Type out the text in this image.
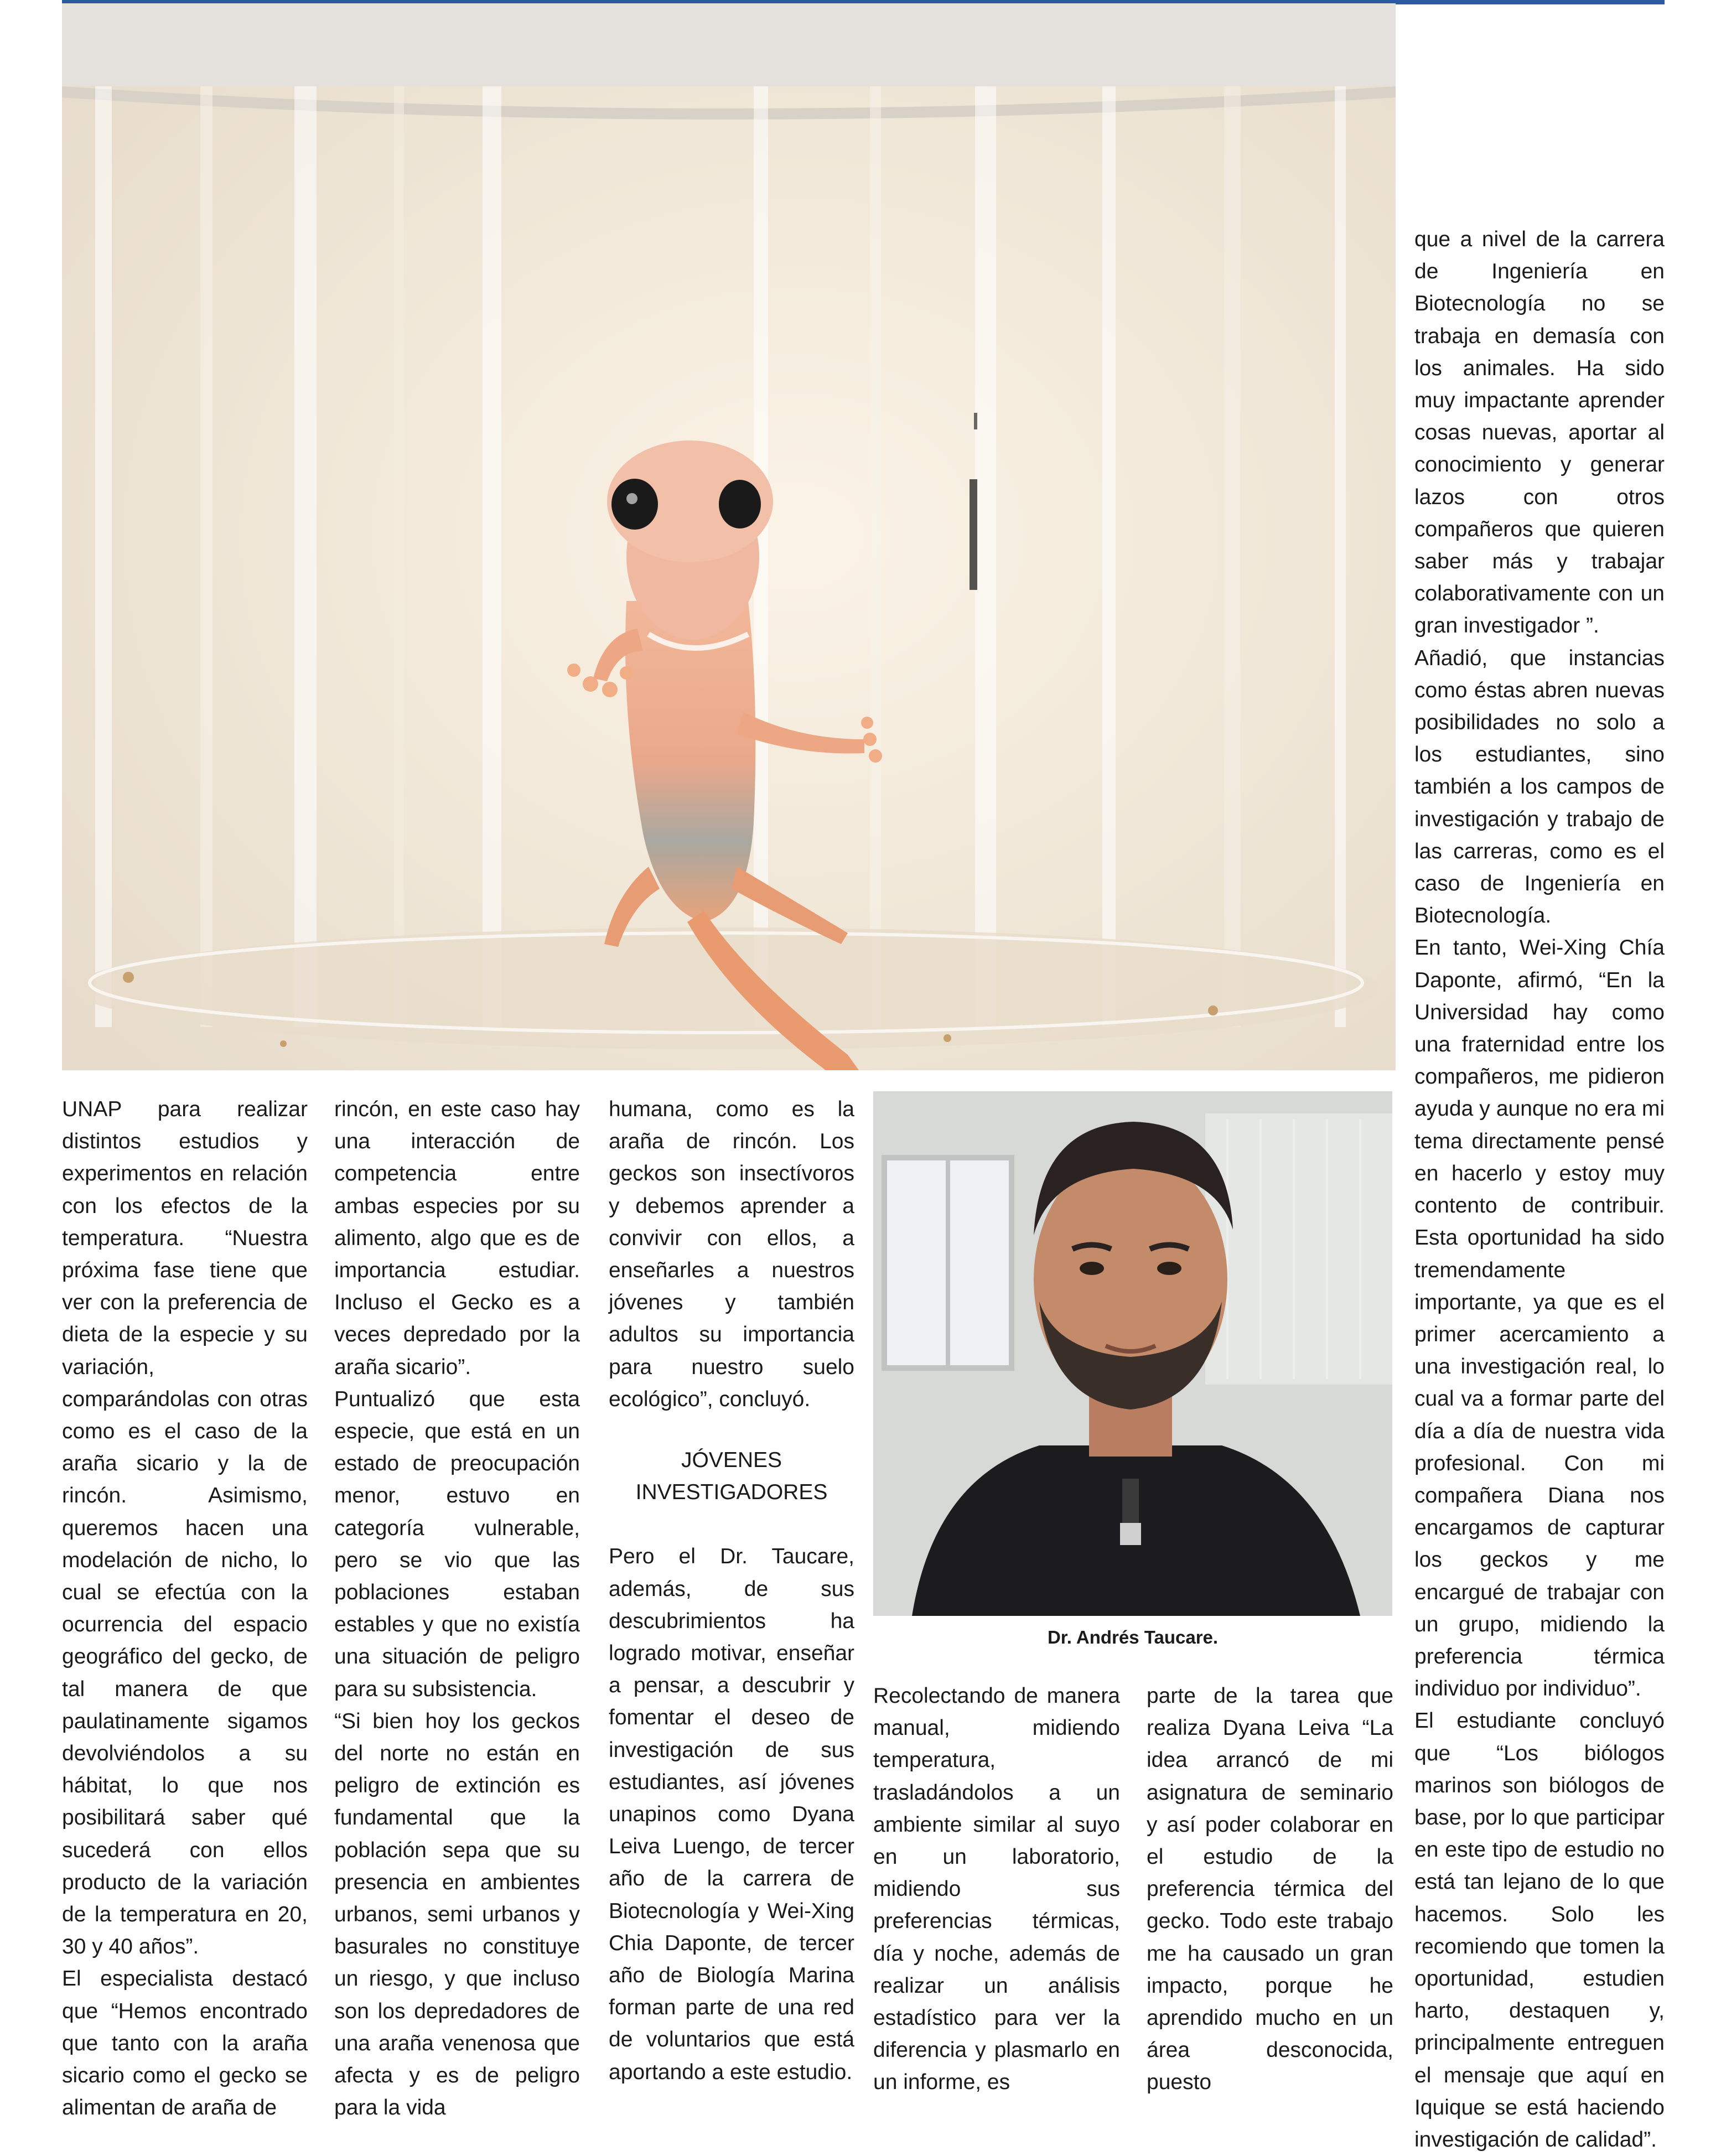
Dr. Andrés Taucare.

UNAP para realizar distintos estudios y experimentos en relación con los efectos de la temperatura. “Nuestra próxima fase tiene que ver con la preferencia de dieta de la especie y su variación, comparándolas con otras como es el caso de la araña sicario y la de rincón. Asimismo, queremos hacen una modelación de nicho, lo cual se efectúa con la ocurrencia del espacio geográfico del gecko, de tal manera de que paulatinamente sigamos devolviéndolos a su hábitat, lo que nos posibilitará saber qué sucederá con ellos producto de la variación de la temperatura en 20, 30 y 40 años”.

El especialista destacó que “Hemos encontrado que tanto con la araña sicario como el gecko se alimentan de araña de

rincón, en este caso hay una interacción de competencia entre ambas especies por su alimento, algo que es de importancia estudiar. Incluso el Gecko es a veces depredado por la araña sicario”.

Puntualizó que esta especie, que está en un estado de preocupación menor, estuvo en categoría vulnerable, pero se vio que las poblaciones estaban estables y que no existía una situación de peligro para su subsistencia.

“Si bien hoy los geckos del norte no están en peligro de extinción es fundamental que la población sepa que su presencia en ambientes urbanos, semi urbanos y basurales no constituye un riesgo, y que incluso son los depredadores de una araña venenosa que afecta y es de peligro para la vida

humana, como es la araña de rincón. Los geckos son insectívoros y debemos aprender a convivir con ellos, a enseñarles a nuestros jóvenes y también adultos su importancia para nuestro suelo ecológico”, concluyó.

JÓVENES
INVESTIGADORES

Pero el Dr. Taucare, además, de sus descubrimientos ha logrado motivar, enseñar a pensar, a descubrir y fomentar el deseo de investigación de sus estudiantes, así jóvenes unapinos como Dyana Leiva Luengo, de tercer año de la carrera de Biotecnología y Wei-Xing Chia Daponte, de tercer año de Biología Marina forman parte de una red de voluntarios que está aportando a este estudio.

Recolectando de manera manual, midiendo temperatura, trasladándolos a un ambiente similar al suyo en un laboratorio, midiendo sus preferencias térmicas, día y noche, además de realizar un análisis estadístico para ver la diferencia y plasmarlo en un informe, es

parte de la tarea que realiza Dyana Leiva “La idea arrancó de mi asignatura de seminario y así poder colaborar en el estudio de la preferencia térmica del gecko. Todo este trabajo me ha causado un gran impacto, porque he aprendido mucho en un área desconocida, puesto

que a nivel de la carrera de Ingeniería en Biotecnología no se trabaja en demasía con los animales. Ha sido muy impactante aprender cosas nuevas, aportar al conocimiento y generar lazos con otros compañeros que quieren saber más y trabajar colaborativamente con un gran investigador ”.

Añadió, que instancias como éstas abren nuevas posibilidades no solo a los estudiantes, sino también a los campos de investigación y trabajo de las carreras, como es el caso de Ingeniería en Biotecnología.

En tanto, Wei-Xing Chía Daponte, afirmó, “En la Universidad hay como una fraternidad entre los compañeros, me pidieron ayuda y aunque no era mi tema directamente pensé en hacerlo y estoy muy contento de contribuir. Esta oportunidad ha sido tremendamente importante, ya que es el primer acercamiento a una investigación real, lo cual va a formar parte del día a día de nuestra vida profesional. Con mi compañera Diana nos encargamos de capturar los geckos y me encargué de trabajar con un grupo, midiendo la preferencia térmica individuo por individuo”.

El estudiante concluyó que “Los biólogos marinos son biólogos de base, por lo que participar en este tipo de estudio no está tan lejano de lo que hacemos. Solo les recomiendo que tomen la oportunidad, estudien harto, destaquen y, principalmente entreguen el mensaje que aquí en Iquique se está haciendo investigación de calidad”.
